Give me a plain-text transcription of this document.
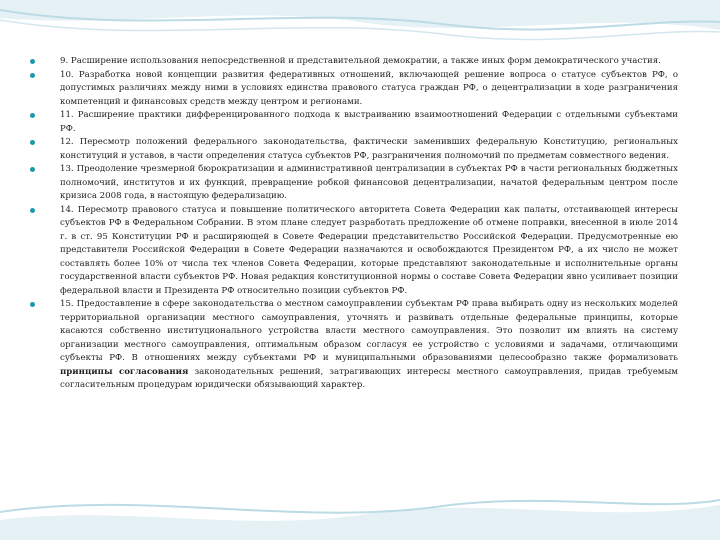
9. Расширение использования непосредственной и представительной демократии, а также иных форм демократического участия.
10. Разработка новой концепции развития федеративных отношений, включающей решение вопроса о статусе субъектов РФ, о допустимых различиях между ними в условиях единства правового статуса граждан РФ, о децентрализации в ходе разграничения компетенций и финансовых средств между центром и регионами.
11. Расширение практики дифференцированного подхода к выстраиванию взаимоотношений Федерации с отдельными субъектами РФ.
12. Пересмотр положений федерального законодательства, фактически заменивших федеральную Конституцию, региональных конституций и уставов, в части определения статуса субъектов РФ, разграничения полномочий по предметам совместного ведения.
13. Преодоление чрезмерной бюрократизации и административной централизации в субъектах РФ в части региональных бюджетных полномочий, институтов и их функций, превращение робкой финансовой децентрализации, начатой федеральным центром после кризиса 2008 года, в настоящую федерализацию.
14. Пересмотр правового статуса и повышение политического авторитета Совета Федерации как палаты, отстаивающей интересы субъектов РФ в Федеральном Собрании. В этом плане следует разработать предложение об отмене поправки, внесенной в июле 2014 г. в ст. 95 Конституции РФ и расширяющей в Совете Федерации представительство Российской Федерации. Предусмотренные ею представители Российской Федерации в Совете Федерации назначаются и освобождаются Президентом РФ, а их число не может составлять более 10% от числа тех членов Совета Федерации, которые представляют законодательные и исполнительные органы государственной власти субъектов РФ. Новая редакция конституционной нормы о составе Совета Федерации явно усиливает позиции федеральной власти и Президента РФ относительно позиции субъектов РФ.
15. Предоставление в сфере законодательства о местном самоуправлении субъектам РФ права выбирать одну из нескольких моделей территориальной организации местного самоуправления, уточнять и развивать отдельные федеральные принципы, которые касаются собственно институционального устройства власти местного самоуправления. Это позволит им влиять на систему организации местного самоуправления, оптимальным образом согласуя ее устройство с условиями и задачами, отличающими субъекты РФ. В отношениях между субъектами РФ и муниципальными образованиями целесообразно также формализовать принципы согласования законодательных решений, затрагивающих интересы местного самоуправления, придав требуемым согласительным процедурам юридически обязывающий характер.
